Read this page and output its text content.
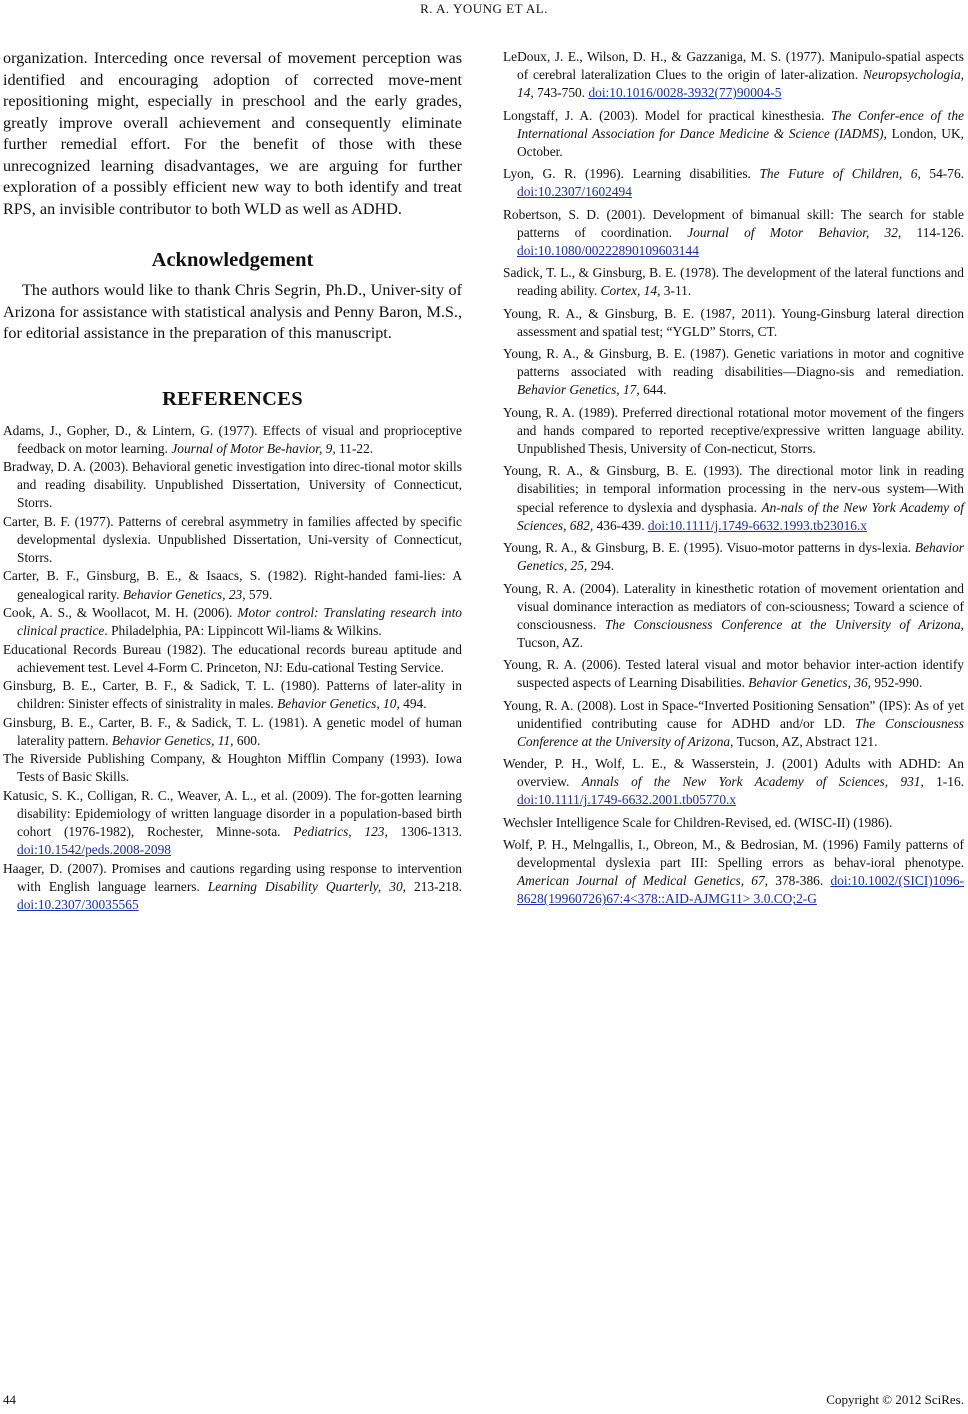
R. A. YOUNG ET AL.

organization. Interceding once reversal of movement perception was identified and encouraging adoption of corrected move-ment repositioning might, especially in preschool and the early grades, greatly improve overall achievement and consequently eliminate further remedial effort. For the benefit of those with these unrecognized learning disadvantages, we are arguing for further exploration of a possibly efficient new way to both identify and treat RPS, an invisible contributor to both WLD as well as ADHD.

Acknowledgement

The authors would like to thank Chris Segrin, Ph.D., Univer-sity of Arizona for assistance with statistical analysis and Penny Baron, M.S., for editorial assistance in the preparation of this manuscript.

REFERENCES

Adams, J., Gopher, D., & Lintern, G. (1977). Effects of visual and proprioceptive feedback on motor learning. Journal of Motor Be-havior, 9, 11-22.

Bradway, D. A. (2003). Behavioral genetic investigation into direc-tional motor skills and reading disability. Unpublished Dissertation, University of Connecticut, Storrs.

Carter, B. F. (1977). Patterns of cerebral asymmetry in families affected by specific developmental dyslexia. Unpublished Dissertation, Uni-versity of Connecticut, Storrs.

Carter, B. F., Ginsburg, B. E., & Isaacs, S. (1982). Right-handed fami-lies: A genealogical rarity. Behavior Genetics, 23, 579.

Cook, A. S., & Woollacot, M. H. (2006). Motor control: Translating research into clinical practice. Philadelphia, PA: Lippincott Wil-liams & Wilkins.

Educational Records Bureau (1982). The educational records bureau aptitude and achievement test. Level 4-Form C. Princeton, NJ: Edu-cational Testing Service.

Ginsburg, B. E., Carter, B. F., & Sadick, T. L. (1980). Patterns of later-ality in children: Sinister effects of sinistrality in males. Behavior Genetics, 10, 494.

Ginsburg, B. E., Carter, B. F., & Sadick, T. L. (1981). A genetic model of human laterality pattern. Behavior Genetics, 11, 600.

The Riverside Publishing Company, & Houghton Mifflin Company (1993). Iowa Tests of Basic Skills.

Katusic, S. K., Colligan, R. C., Weaver, A. L., et al. (2009). The for-gotten learning disability: Epidemiology of written language disorder in a population-based birth cohort (1976-1982), Rochester, Minne-sota. Pediatrics, 123, 1306-1313. doi:10.1542/peds.2008-2098

Haager, D. (2007). Promises and cautions regarding using response to intervention with English language learners. Learning Disability Quarterly, 30, 213-218. doi:10.2307/30035565

LeDoux, J. E., Wilson, D. H., & Gazzaniga, M. S. (1977). Manipulo-spatial aspects of cerebral lateralization Clues to the origin of later-alization. Neuropsychologia, 14, 743-750. doi:10.1016/0028-3932(77)90004-5

Longstaff, J. A. (2003). Model for practical kinesthesia. The Confer-ence of the International Association for Dance Medicine & Science (IADMS), London, UK, October.

Lyon, G. R. (1996). Learning disabilities. The Future of Children, 6, 54-76. doi:10.2307/1602494

Robertson, S. D. (2001). Development of bimanual skill: The search for stable patterns of coordination. Journal of Motor Behavior, 32, 114-126. doi:10.1080/00222890109603144

Sadick, T. L., & Ginsburg, B. E. (1978). The development of the lateral functions and reading ability. Cortex, 14, 3-11.

Young, R. A., & Ginsburg, B. E. (1987, 2011). Young-Ginsburg lateral direction assessment and spatial test; “YGLD” Storrs, CT.

Young, R. A., & Ginsburg, B. E. (1987). Genetic variations in motor and cognitive patterns associated with reading disabilities—Diagno-sis and remediation. Behavior Genetics, 17, 644.

Young, R. A. (1989). Preferred directional rotational motor movement of the fingers and hands compared to reported receptive/expressive written language ability. Unpublished Thesis, University of Con-necticut, Storrs.

Young, R. A., & Ginsburg, B. E. (1993). The directional motor link in reading disabilities; in temporal information processing in the nerv-ous system—With special reference to dyslexia and dysphasia. An-nals of the New York Academy of Sciences, 682, 436-439. doi:10.1111/j.1749-6632.1993.tb23016.x

Young, R. A., & Ginsburg, B. E. (1995). Visuo-motor patterns in dys-lexia. Behavior Genetics, 25, 294.

Young, R. A. (2004). Laterality in kinesthetic rotation of movement orientation and visual dominance interaction as mediators of con-sciousness; Toward a science of consciousness. The Consciousness Conference at the University of Arizona, Tucson, AZ.

Young, R. A. (2006). Tested lateral visual and motor behavior inter-action identify suspected aspects of Learning Disabilities. Behavior Genetics, 36, 952-990.

Young, R. A. (2008). Lost in Space-“Inverted Positioning Sensation” (IPS): As of yet unidentified contributing cause for ADHD and/or LD. The Consciousness Conference at the University of Arizona, Tucson, AZ, Abstract 121.

Wender, P. H., Wolf, L. E., & Wasserstein, J. (2001) Adults with ADHD: An overview. Annals of the New York Academy of Sciences, 931, 1-16. doi:10.1111/j.1749-6632.2001.tb05770.x

Wechsler Intelligence Scale for Children-Revised, ed. (WISC-II) (1986).

Wolf, P. H., Melngallis, I., Obreon, M., & Bedrosian, M. (1996) Family patterns of developmental dyslexia part III: Spelling errors as behav-ioral phenotype. American Journal of Medical Genetics, 67, 378-386. doi:10.1002/(SICI)1096-8628(19960726)67:4<378::AID-AJMG11> 3.0.CO;2-G

44	Copyright © 2012 SciRes.
